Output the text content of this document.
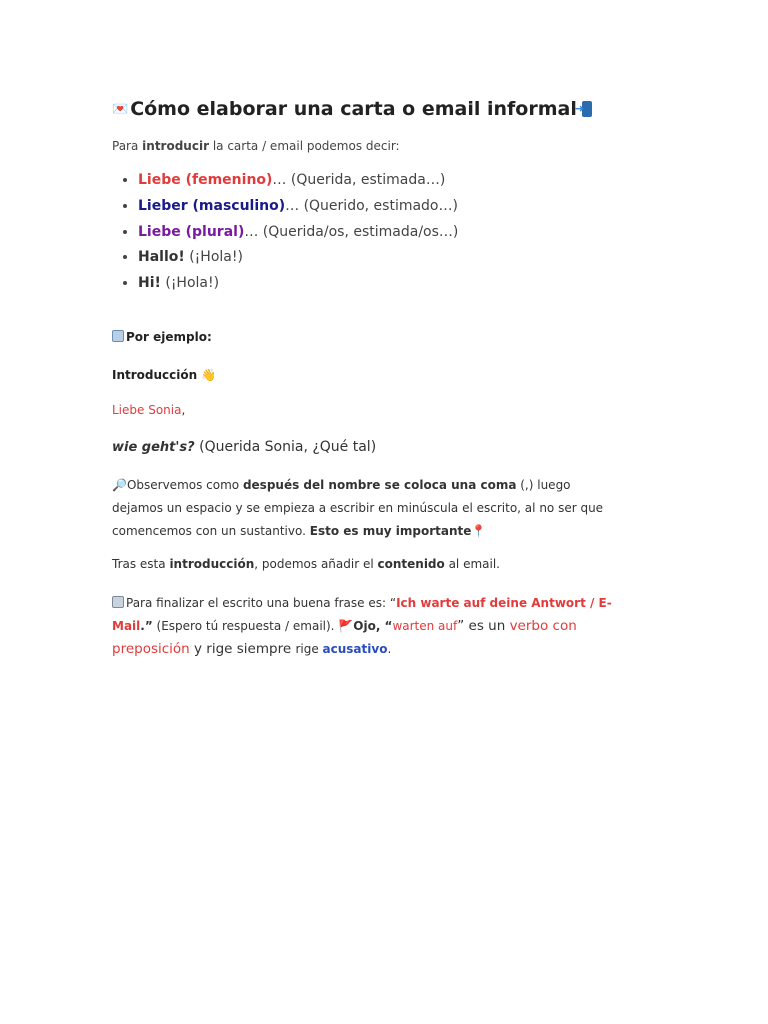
💌 Cómo elaborar una carta o email informal
➜

Para introducir la carta / email podemos decir:

• Liebe (femenino)… (Querida, estimada…)
• Lieber (masculino)… (Querido, estimado…)
• Liebe (plural)… (Querida/os, estimada/os…)
• Hallo! (¡Hola!)
• Hi! (¡Hola!)

Por ejemplo:

Introducción 👋

Liebe Sonia,

wie geht's? (Querida Sonia, ¿Qué tal)

🔎Observemos como después del nombre se coloca una coma (,) luego dejamos un espacio y se empieza a escribir en minúscula el escrito, al no ser que comencemos con un sustantivo. Esto es muy importante📍

Tras esta introducción, podemos añadir el contenido al email.

Para finalizar el escrito una buena frase es: “Ich warte auf deine Antwort / E-Mail.” (Espero tú respuesta / email). 🚩Ojo, “warten auf” es un verbo con preposición y rige siempre rige acusativo.
